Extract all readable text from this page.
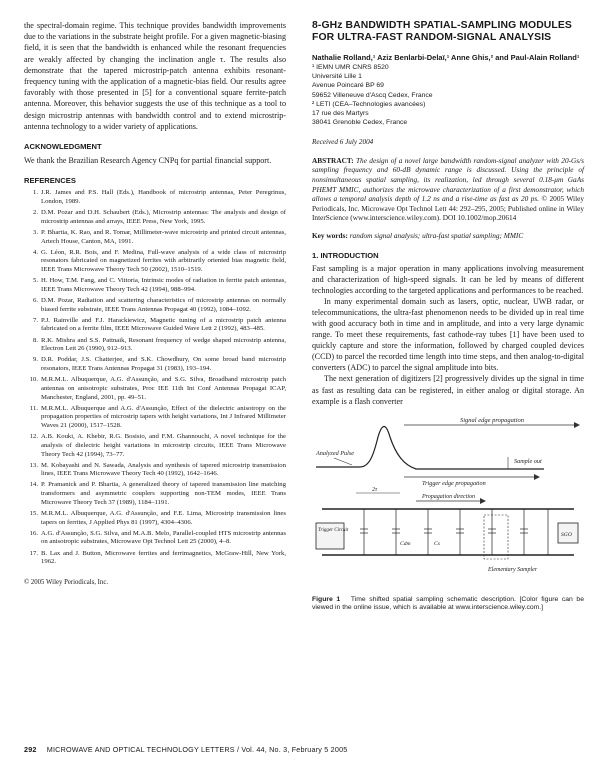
the spectral-domain regime. This technique provides bandwidth improvements due to the variations in the substrate height profile. For a given magnetic-biasing field, it is seen that the bandwidth is enhanced while the resonant frequencies are weakly affected by changing the inclination angle τ. The results also demonstrate that the tapered microstrip-patch antenna exhibits resonant-frequency tuning with the application of a magnetic-bias field. Our results agree favorably with those presented in [5] for a conventional square ferrite-patch antenna. Moreover, this behavior suggests the use of this technique as a tool to design microstrip antennas with bandwidth control and to extend microstrip-antenna technology to a wider variety of applications.

ACKNOWLEDGMENT

We thank the Brazilian Research Agency CNPq for partial financial support.

REFERENCES
1. J.R. James and P.S. Hall (Eds.), Handbook of microstrip antennas, Peter Peregrinus, London, 1989.
2. D.M. Pozar and D.H. Schaubert (Eds.), Microstrip antennas: The analysis and design of microstrip antennas and arrays, IEEE Press, New York, 1995.
3. P. Bhartia, K. Rao, and R. Tomar, Millimeter-wave microstrip and printed circuit antennas, Artech House, Canton, MA, 1991.
4. G. Léon, R.R. Bois, and F. Medina, Full-wave analysis of a wide class of microstrip resonators fabricated on magnetized ferrites with arbitrarily oriented bias magnetic field, IEEE Trans Microwave Theory Tech 50 (2002), 1510–1519.
5. H. How, T.M. Fang, and C. Vittoria, Intrinsic modes of radiation in ferrite patch antennas, IEEE Trans Microwave Theory Tech 42 (1994), 988–994.
6. D.M. Pozar, Radiation and scattering characteristics of microstrip antennas on normally biased ferrite substrate, IEEE Trans Antennas Propagat 40 (1992), 1084–1092.
7. P.J. Rainville and F.J. Harackiewicz, Magnetic tuning of a microstrip patch antenna fabricated on a ferrite film, IEEE Microwave Guided Wave Lett 2 (1992), 483–485.
8. R.K. Mishra and S.S. Pattnaik, Resonant frequency of wedge shaped microstrip antenna, Electron Lett 26 (1990), 912–913.
9. D.R. Poddar, J.S. Chatterjee, and S.K. Chowdhury, On some broad band microstrip resonators, IEEE Trans Antennas Propagat 31 (1983), 193–194.
10. M.R.M.L. Albuquerque, A.G. d'Assunção, and S.G. Silva, Broadband microstrip patch antennas on anisotropic substrates, Proc IEE 11th Int Conf Antennas Propagat ICAP, Manchester, England, 2001, pp. 49–51.
11. M.R.M.L. Albuquerque and A.G. d'Assunção, Effect of the dielectric anisotropy on the propagation properties of microstrip tapers with height variations, Int J Infrared Millimeter Waves 21 (2000), 1517–1528.
12. A.B. Kouki, A. Khebir, R.G. Bosisio, and F.M. Ghannouchi, A novel technique for the analysis of dielectric height variations in microstrip circuits, IEEE Trans Microwave Theory Tech 42 (1994), 73–77.
13. M. Kobayashi and N. Sawada, Analysis and synthesis of tapered microstrip transmission lines, IEEE Trans Microwave Theory Tech 40 (1992), 1642–1646.
14. P. Pramanick and P. Bhartia, A generalized theory of tapered transmission line matching transformers and asymmetric couplers supporting non-TEM modes, IEEE Trans Microwave Theory Tech 37 (1989), 1184–1191.
15. M.R.M.L. Albuquerque, A.G. d'Assunção, and F.E. Lima, Microstrip transmission lines tapers on ferrites, J Applied Phys 81 (1997), 4304–4306.
16. A.G. d'Assunção, S.G. Silva, and M.A.B. Melo, Parallel-coupled HTS microstrip antennas on anisotropic substrates, Microwave Opt Technol Lett 25 (2000), 4–8.
17. B. Lax and J. Button, Microwave ferrites and ferrimagnetics, McGraw-Hill, New York, 1962.
© 2005 Wiley Periodicals, Inc.
8-GHz BANDWIDTH SPATIAL-SAMPLING MODULES FOR ULTRA-FAST RANDOM-SIGNAL ANALYSIS
Nathalie Rolland,¹ Aziz Benlarbi-Delaï,¹ Anne Ghis,² and Paul-Alain Rolland¹
¹ IEMN UMR CNRS 8520
Université Lille 1
Avenue Poincaré BP 69
59652 Villeneuve d'Ascq Cedex, France
² LETI (CEA–Technologies avancées)
17 rue des Martyrs
38041 Grenoble Cedex, France
Received 6 July 2004

ABSTRACT: The design of a novel large bandwidth random-signal analyzer with 20-Gs/s sampling frequency and 60-dB dynamic range is discussed. Using the principle of nonsimultaneous spatial sampling, its realization, led through several 0.18-μm GaAs PHEMT MMIC, authorizes the microwave characterization of a first demonstrator, which allows a temporal analysis depth of 1.2 ns and a rise-time as fast as 20 ps. © 2005 Wiley Periodicals, Inc. Microwave Opt Technol Lett 44: 292–295, 2005; Published online in Wiley InterScience (www.interscience.wiley.com). DOI 10.1002/mop.20614

Key words: random signal analysis; ultra-fast spatial sampling; MMIC

1. INTRODUCTION

Fast sampling is a major operation in many applications involving measurement and characterization of high-speed signals. It can be led by means of different technologies according to the targeted applications and performances to be reached.

In many experimental domain such as lasers, optic, nuclear, UWB radar, or telecommunications, the ultra-fast phenomenon needs to be divided up in real time with good accuracy both in time and in amplitude, and into a very large dynamic range. To meet these requirements, fast cathode-ray tubes [1] have been used to quickly capture and store the information, followed by charged coupled devices (CCD) to parcel the recorded time length into time steps, and then analog-to-digital converters (ADC) to parcel the signal amplitude into bits.

The next generation of digitizers [2] progressively divides up the signal in time as fast as resulting data can be registered, in either analog or digital storage. An example is a flash converter

Signal edge propagation
Analyzed Pulse
Sample out
Trigger edge propagation
2τ
Propagation direction
Trigger Circuit
SGO
Cdm	Cs
Elementary Sampler

Figure 1 Time shifted spatial sampling schematic description. [Color figure can be viewed in the online issue, which is available at www.interscience.wiley.com.]

292 MICROWAVE AND OPTICAL TECHNOLOGY LETTERS / Vol. 44, No. 3, February 5 2005
